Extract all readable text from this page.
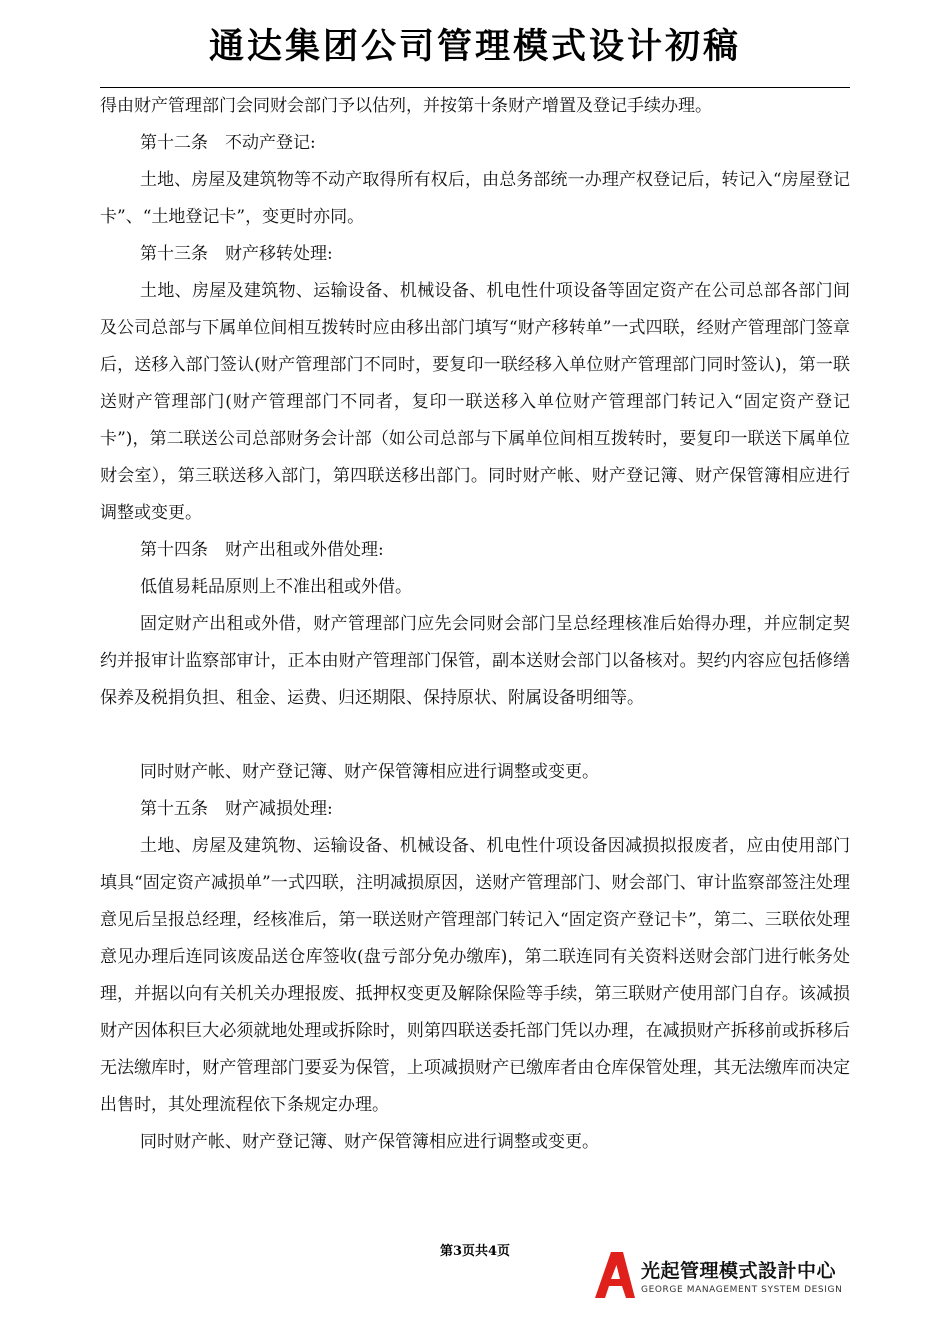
通达集团公司管理模式设计初稿

得由财产管理部门会同财会部门予以估列，并按第十条财产增置及登记手续办理。

第十二条　不动产登记:

土地、房屋及建筑物等不动产取得所有权后，由总务部统一办理产权登记后，转记入“房屋登记卡”、“土地登记卡”，变更时亦同。

第十三条　财产移转处理:

土地、房屋及建筑物、运输设备、机械设备、机电性什项设备等固定资产在公司总部各部门间及公司总部与下属单位间相互拨转时应由移出部门填写“财产移转单”一式四联，经财产管理部门签章后，送移入部门签认(财产管理部门不同时，要复印一联经移入单位财产管理部门同时签认)，第一联送财产管理部门(财产管理部门不同者，复印一联送移入单位财产管理部门转记入“固定资产登记卡”)，第二联送公司总部财务会计部（如公司总部与下属单位间相互拨转时，要复印一联送下属单位财会室），第三联送移入部门，第四联送移出部门。同时财产帐、财产登记簿、财产保管簿相应进行调整或变更。

第十四条　财产出租或外借处理:

低值易耗品原则上不准出租或外借。

固定财产出租或外借，财产管理部门应先会同财会部门呈总经理核准后始得办理，并应制定契约并报审计监察部审计，正本由财产管理部门保管，副本送财会部门以备核对。契约内容应包括修缮保养及税捐负担、租金、运费、归还期限、保持原状、附属设备明细等。

同时财产帐、财产登记簿、财产保管簿相应进行调整或变更。

第十五条　财产减损处理:

土地、房屋及建筑物、运输设备、机械设备、机电性什项设备因减损拟报废者，应由使用部门填具“固定资产减损单”一式四联，注明减损原因，送财产管理部门、财会部门、审计监察部签注处理意见后呈报总经理，经核准后，第一联送财产管理部门转记入“固定资产登记卡”，第二、三联依处理意见办理后连同该废品送仓库签收(盘亏部分免办缴库)，第二联连同有关资料送财会部门进行帐务处理，并据以向有关机关办理报废、抵押权变更及解除保险等手续，第三联财产使用部门自存。该减损财产因体积巨大必须就地处理或拆除时，则第四联送委托部门凭以办理，在减损财产拆移前或拆移后无法缴库时，财产管理部门要妥为保管，上项减损财产已缴库者由仓库保管处理，其无法缴库而决定出售时，其处理流程依下条规定办理。

同时财产帐、财产登记簿、财产保管簿相应进行调整或变更。

第3页共4页
光起管理模式設計中心
GEORGE MANAGEMENT SYSTEM DESIGN
